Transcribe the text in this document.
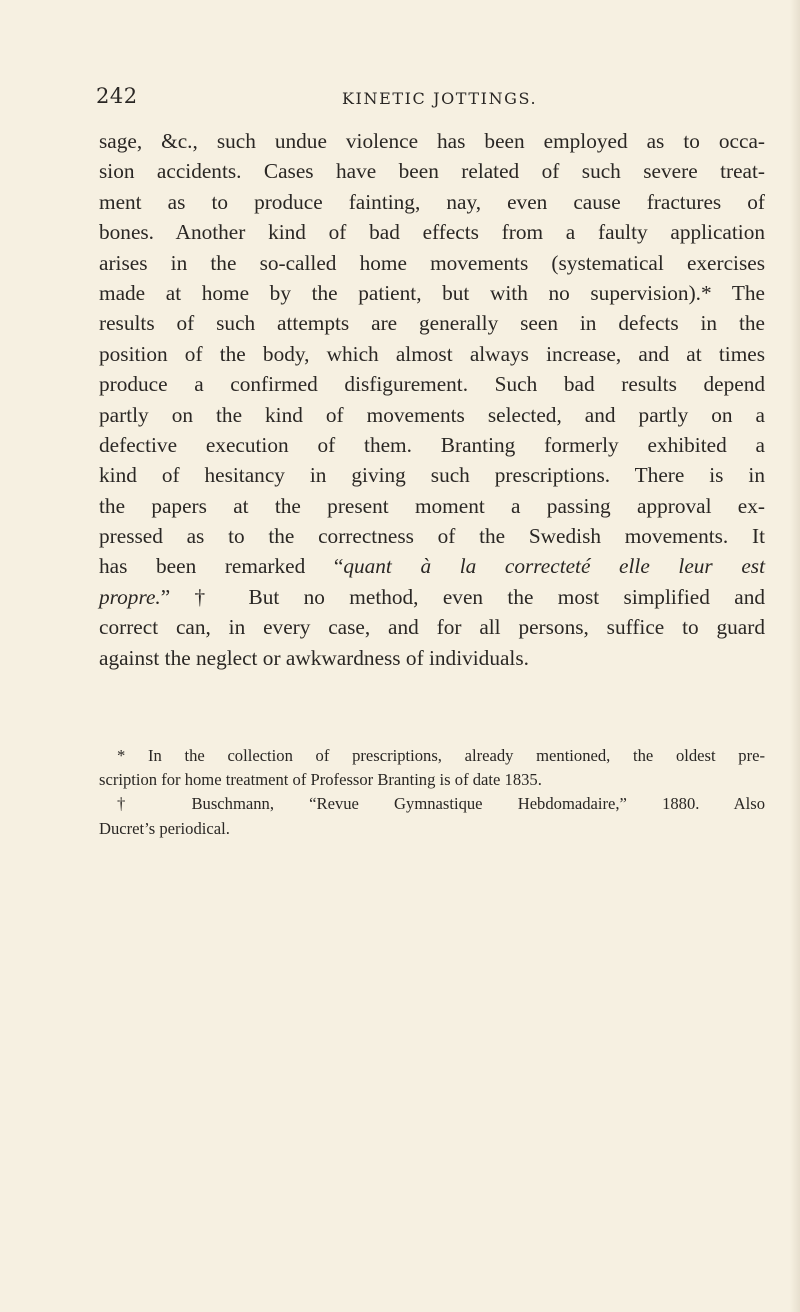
242	KINETIC JOTTINGS.
sage, &c., such undue violence has been employed as to occa-
sion accidents. Cases have been related of such severe treat-
ment as to produce fainting, nay, even cause fractures of
bones. Another kind of bad effects from a faulty application
arises in the so-called home movements (systematical exercises
made at home by the patient, but with no supervision).* The
results of such attempts are generally seen in defects in the
position of the body, which almost always increase, and at times
produce a confirmed disfigurement. Such bad results depend
partly on the kind of movements selected, and partly on a
defective execution of them. Branting formerly exhibited a
kind of hesitancy in giving such prescriptions. There is in
the papers at the present moment a passing approval ex-
pressed as to the correctness of the Swedish movements. It
has been remarked “quant à la correcteté elle leur est
propre.” † But no method, even the most simplified and
correct can, in every case, and for all persons, suffice to guard
against the neglect or awkwardness of individuals.
* In the collection of prescriptions, already mentioned, the oldest pre-
scription for home treatment of Professor Branting is of date 1835.
† Buschmann, “Revue Gymnastique Hebdomadaire,” 1880. Also
Ducret’s periodical.
